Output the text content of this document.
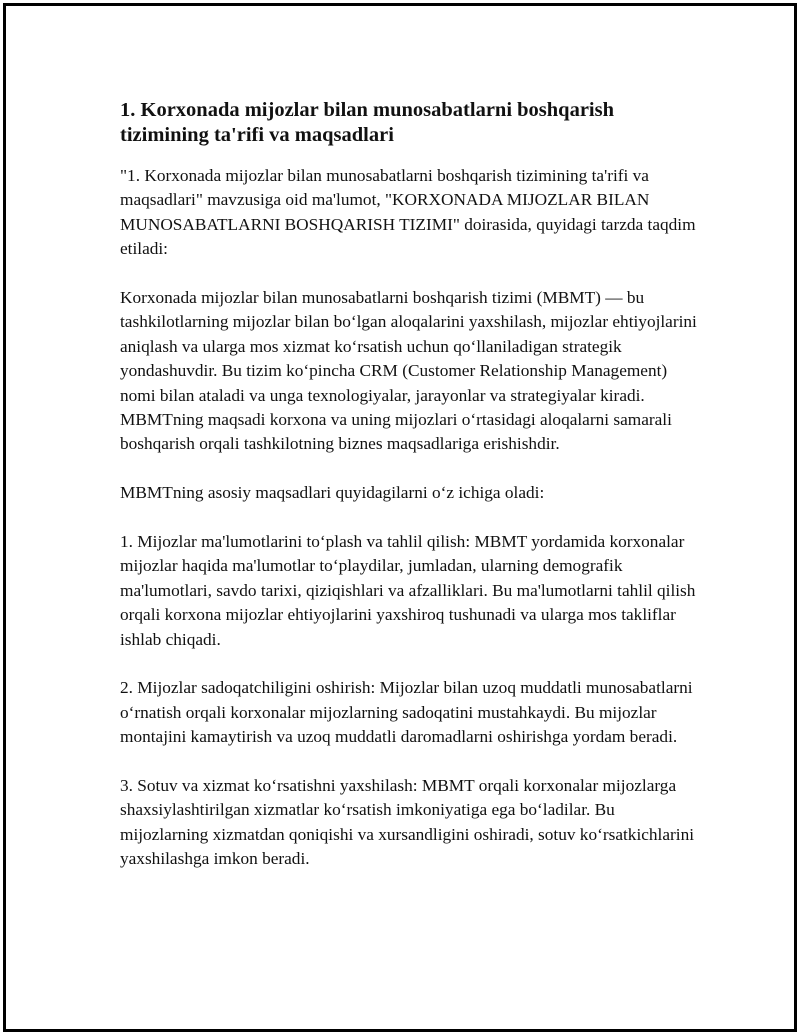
1. Korxonada mijozlar bilan munosabatlarni boshqarish tizimining ta'rifi va maqsadlari

"1. Korxonada mijozlar bilan munosabatlarni boshqarish tizimining ta'rifi va maqsadlari" mavzusiga oid ma'lumot, "KORXONADA MIJOZLAR BILAN MUNOSABATLARNI BOSHQARISH TIZIMI" doirasida, quyidagi tarzda taqdim etiladi:

Korxonada mijozlar bilan munosabatlarni boshqarish tizimi (MBMT) — bu tashkilotlarning mijozlar bilan boʻlgan aloqalarini yaxshilash, mijozlar ehtiyojlarini aniqlash va ularga mos xizmat koʻrsatish uchun qoʻllaniladigan strategik yondashuvdir. Bu tizim koʻpincha CRM (Customer Relationship Management) nomi bilan ataladi va unga texnologiyalar, jarayonlar va strategiyalar kiradi. MBMTning maqsadi korxona va uning mijozlari oʻrtasidagi aloqalarni samarali boshqarish orqali tashkilotning biznes maqsadlariga erishishdir.

MBMTning asosiy maqsadlari quyidagilarni oʻz ichiga oladi:

1. Mijozlar ma'lumotlarini toʻplash va tahlil qilish: MBMT yordamida korxonalar mijozlar haqida ma'lumotlar toʻplaydilar, jumladan, ularning demografik ma'lumotlari, savdo tarixi, qiziqishlari va afzalliklari. Bu ma'lumotlarni tahlil qilish orqali korxona mijozlar ehtiyojlarini yaxshiroq tushunadi va ularga mos takliflar ishlab chiqadi.

2. Mijozlar sadoqatchiligini oshirish: Mijozlar bilan uzoq muddatli munosabatlarni oʻrnatish orqali korxonalar mijozlarning sadoqatini mustahkaydi. Bu mijozlar montajini kamaytirish va uzoq muddatli daromadlarni oshirishga yordam beradi.

3. Sotuv va xizmat koʻrsatishni yaxshilash: MBMT orqali korxonalar mijozlarga shaxsiylashtirilgan xizmatlar koʻrsatish imkoniyatiga ega boʻladilar. Bu mijozlarning xizmatdan qoniqishi va xursandligini oshiradi, sotuv koʻrsatkichlarini yaxshilashga imkon beradi.
